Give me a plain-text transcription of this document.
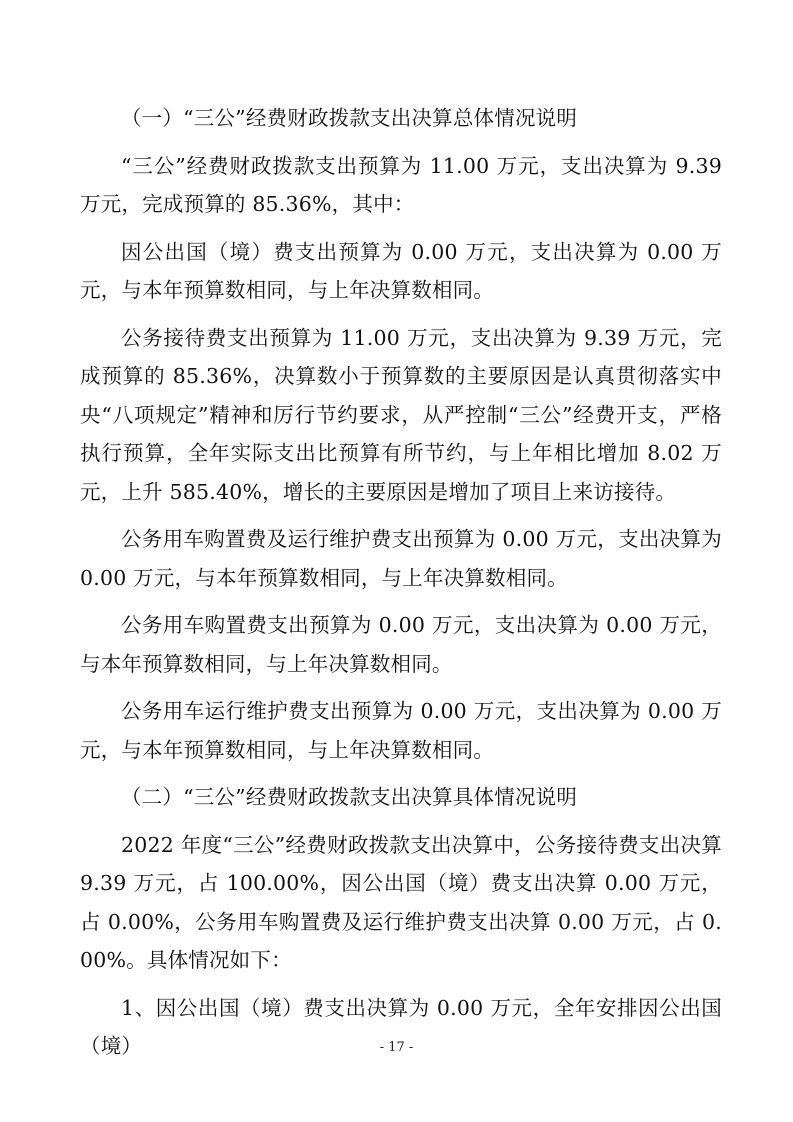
（一）“三公”经费财政拨款支出决算总体情况说明

“三公”经费财政拨款支出预算为 11.00 万元，支出决算为 9.39 万元，完成预算的 85.36%，其中：

因公出国（境）费支出预算为 0.00 万元，支出决算为 0.00 万元，与本年预算数相同，与上年决算数相同。

公务接待费支出预算为 11.00 万元，支出决算为 9.39 万元，完成预算的 85.36%，决算数小于预算数的主要原因是认真贯彻落实中央“八项规定”精神和厉行节约要求，从严控制“三公”经费开支，严格执行预算，全年实际支出比预算有所节约，与上年相比增加 8.02 万元，上升 585.40%，增长的主要原因是增加了项目上来访接待。

公务用车购置费及运行维护费支出预算为 0.00 万元，支出决算为 0.00 万元，与本年预算数相同，与上年决算数相同。

公务用车购置费支出预算为 0.00 万元，支出决算为 0.00 万元，与本年预算数相同，与上年决算数相同。

公务用车运行维护费支出预算为 0.00 万元，支出决算为 0.00 万元，与本年预算数相同，与上年决算数相同。

（二）“三公”经费财政拨款支出决算具体情况说明

2022 年度“三公”经费财政拨款支出决算中，公务接待费支出决算 9.39 万元，占 100.00%，因公出国（境）费支出决算 0.00 万元，占 0.00%，公务用车购置费及运行维护费支出决算 0.00 万元，占 0.00%。具体情况如下：

1、因公出国（境）费支出决算为 0.00 万元，全年安排因公出国（境）	- 17 -
